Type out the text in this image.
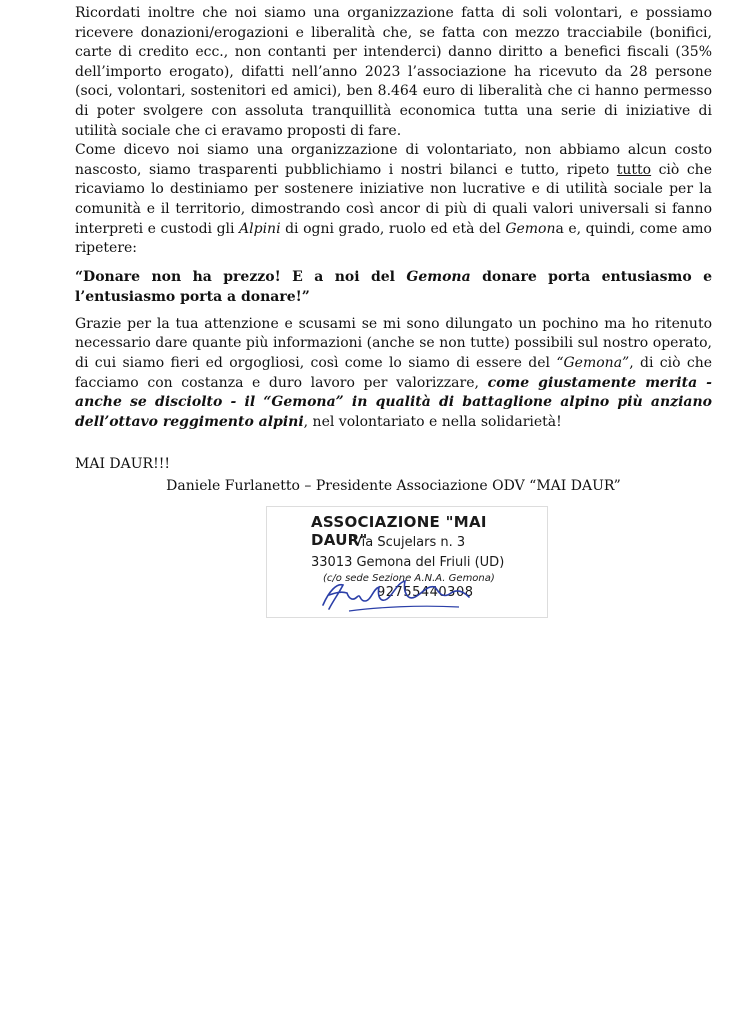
Ricordati inoltre che noi siamo una organizzazione fatta di soli volontari, e possiamo ricevere donazioni/erogazioni e liberalità che, se fatta con mezzo tracciabile (bonifici, carte di credito ecc., non contanti per intenderci) danno diritto a benefici fiscali (35% dell’importo erogato), difatti nell’anno 2023 l’associazione ha ricevuto da 28 persone (soci, volontari, sostenitori ed amici), ben 8.464 euro di liberalità che ci hanno permesso di poter svolgere con assoluta tranquillità economica tutta una serie di iniziative di utilità sociale che ci eravamo proposti di fare.

Come dicevo noi siamo una organizzazione di volontariato, non abbiamo alcun costo nascosto, siamo trasparenti pubblichiamo i nostri bilanci e tutto, ripeto tutto ciò che ricaviamo lo destiniamo per sostenere iniziative non lucrative e di utilità sociale per la comunità e il territorio, dimostrando così ancor di più di quali valori universali si fanno interpreti e custodi gli Alpini di ogni grado, ruolo ed età del Gemona e, quindi, come amo ripetere:

“Donare non ha prezzo! E a noi del Gemona donare porta entusiasmo e l’entusiasmo porta a donare!”

Grazie per la tua attenzione e scusami se mi sono dilungato un pochino ma ho ritenuto necessario dare quante più informazioni (anche se non tutte) possibili sul nostro operato, di cui siamo fieri ed orgogliosi, così come lo siamo di essere del “Gemona”, di ciò che facciamo con costanza e duro lavoro per valorizzare, come giustamente merita - anche se disciolto - il “Gemona” in qualità di battaglione alpino più anziano dell’ottavo reggimento alpini, nel volontariato e nella solidarietà!

MAI DAUR!!!
Daniele Furlanetto – Presidente Associazione ODV “MAI DAUR”
ASSOCIAZIONE "MAI DAUR"
Via Scujelars n. 3
33013 Gemona del Friuli (UD)
(c/o sede Sezione A.N.A. Gemona)
92755440308
